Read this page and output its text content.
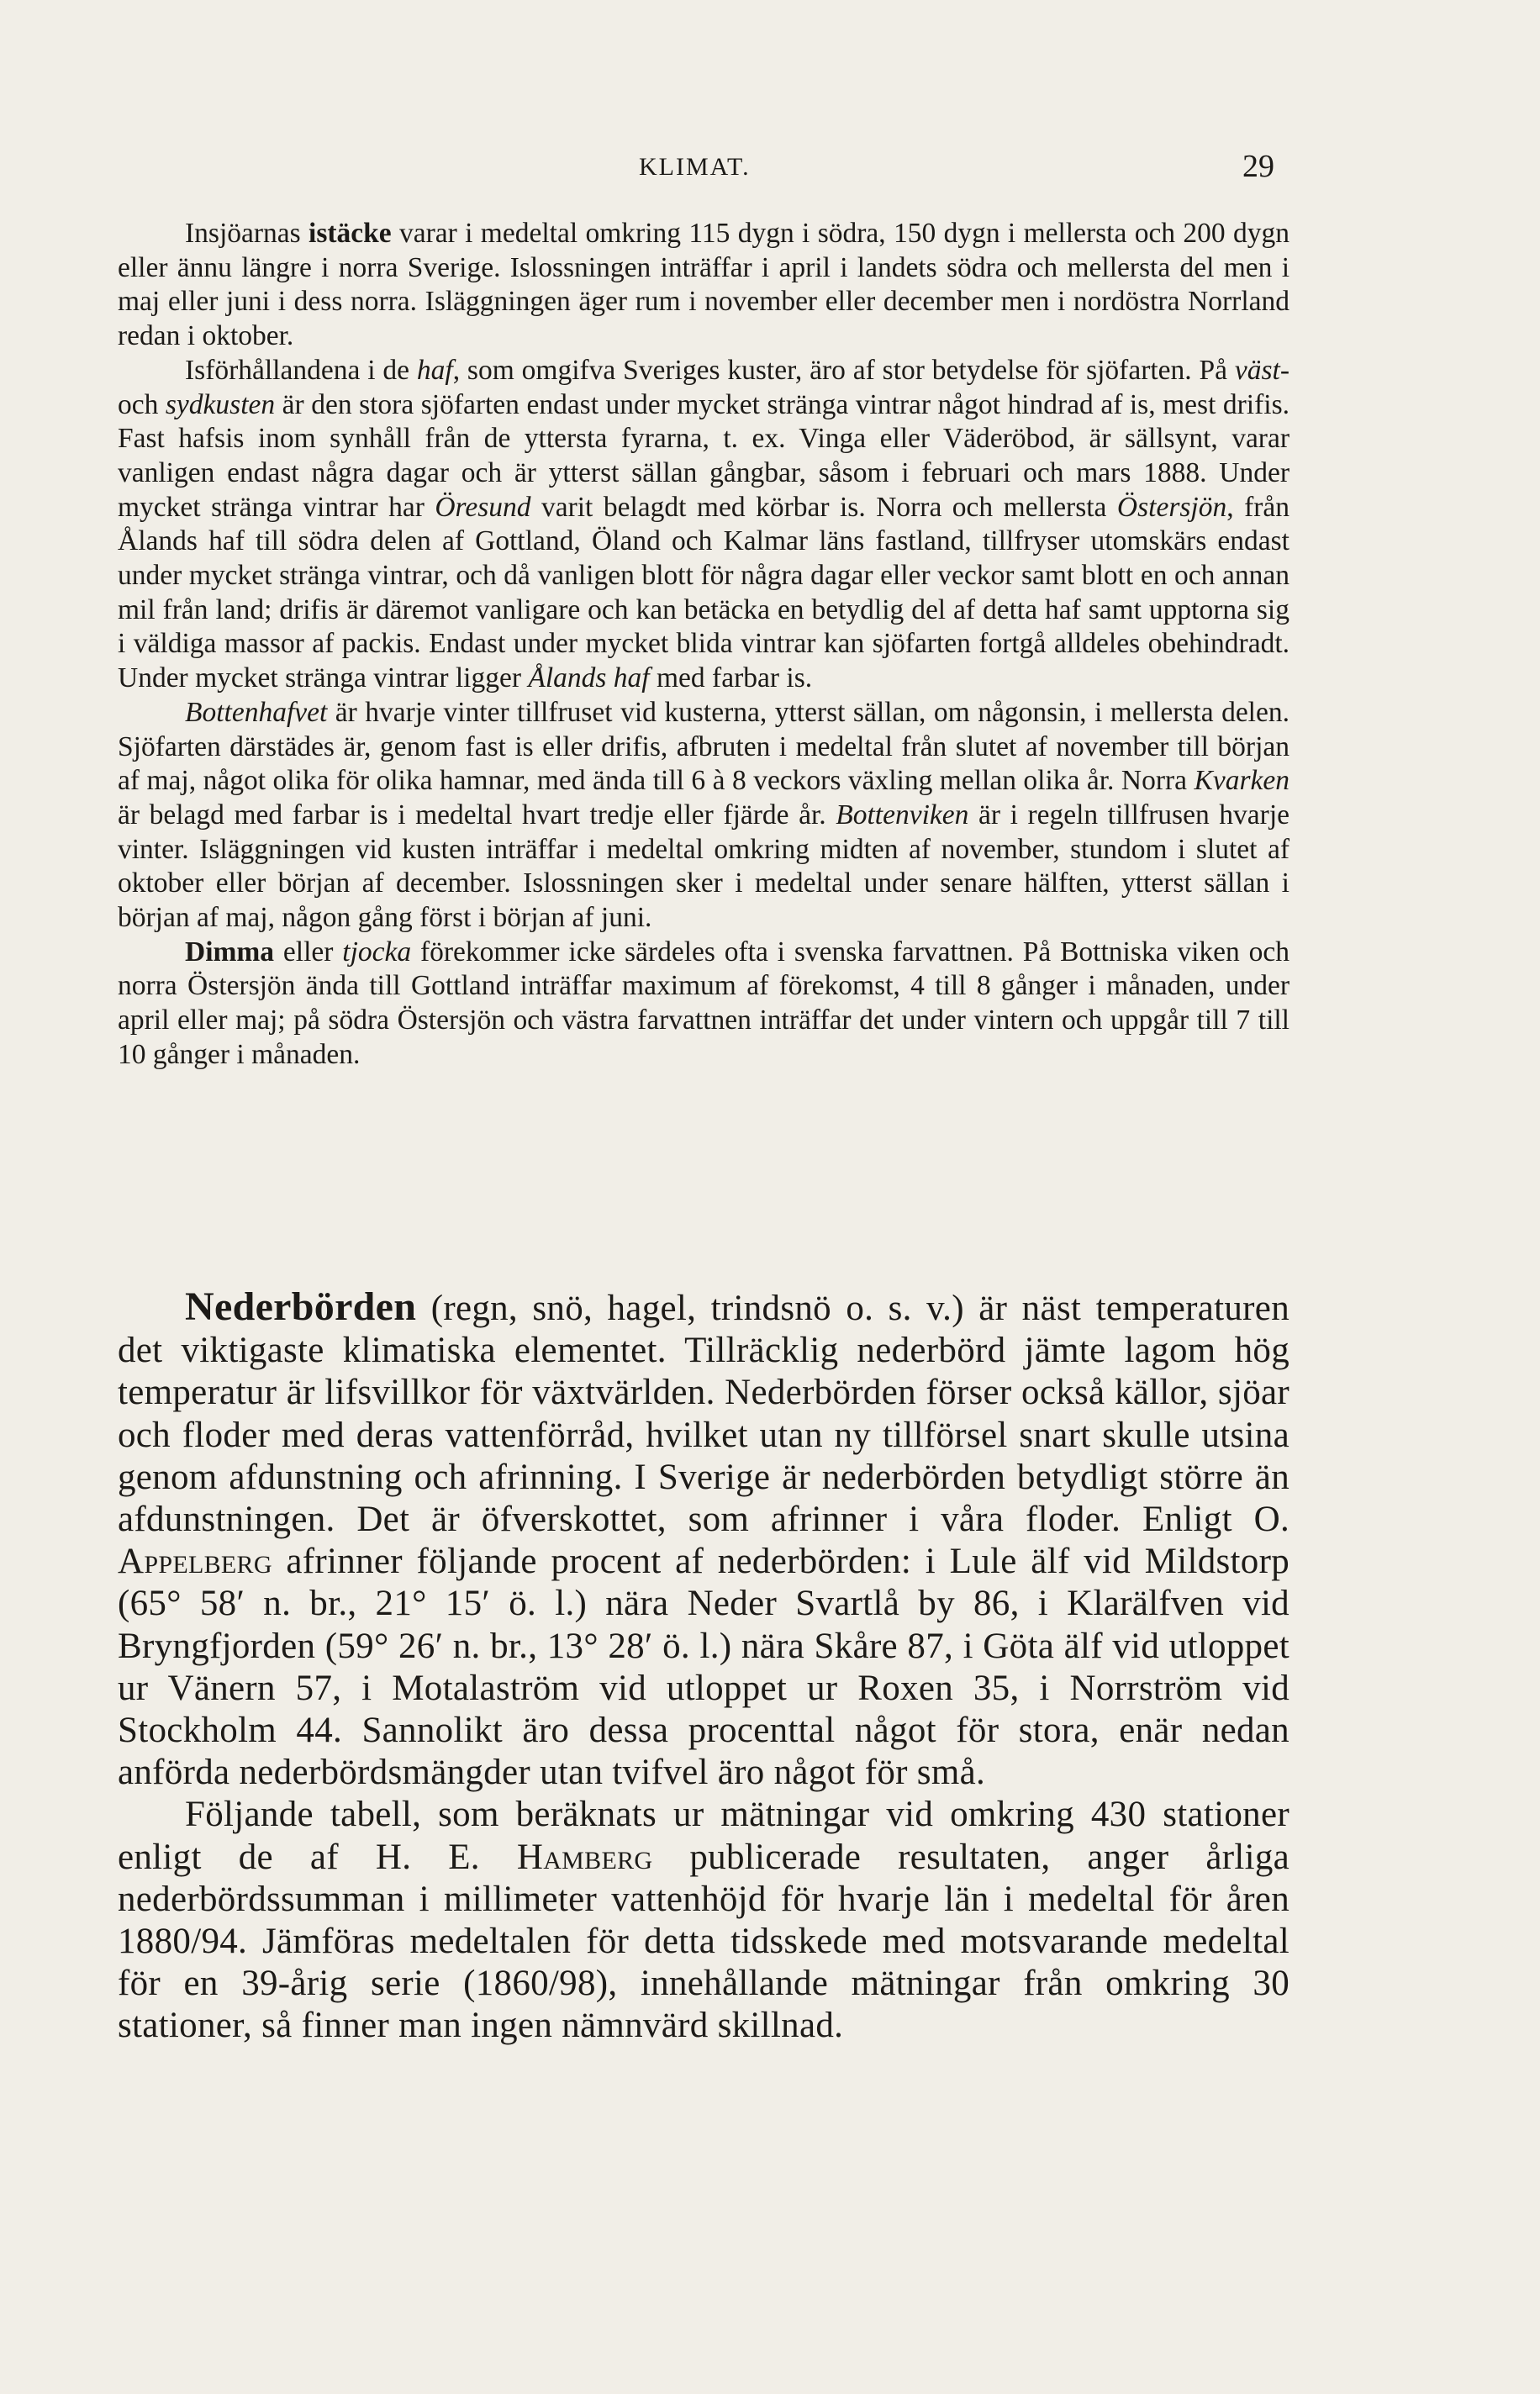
KLIMAT.	29

Insjöarnas istäcke varar i medeltal omkring 115 dygn i södra, 150 dygn i mellersta och 200 dygn eller ännu längre i norra Sverige. Islossningen inträffar i april i landets södra och mellersta del men i maj eller juni i dess norra. Isläggningen äger rum i november eller december men i nordöstra Norrland redan i oktober.

Isförhållandena i de haf, som omgifva Sveriges kuster, äro af stor betydelse för sjöfarten. På väst- och sydkusten är den stora sjöfarten endast under mycket stränga vintrar något hindrad af is, mest drifis. Fast hafsis inom synhåll från de yttersta fyrarna, t. ex. Vinga eller Väderöbod, är sällsynt, varar vanligen endast några dagar och är ytterst sällan gångbar, såsom i februari och mars 1888. Under mycket stränga vintrar har Öresund varit belagdt med körbar is. Norra och mellersta Östersjön, från Ålands haf till södra delen af Gottland, Öland och Kalmar läns fastland, tillfryser utomskärs endast under mycket stränga vintrar, och då vanligen blott för några dagar eller veckor samt blott en och annan mil från land; drifis är däremot vanligare och kan betäcka en betydlig del af detta haf samt upptorna sig i väldiga massor af packis. Endast under mycket blida vintrar kan sjöfarten fortgå alldeles obehindradt. Under mycket stränga vintrar ligger Ålands haf med farbar is.

Bottenhafvet är hvarje vinter tillfruset vid kusterna, ytterst sällan, om någonsin, i mellersta delen. Sjöfarten därstädes är, genom fast is eller drifis, afbruten i medeltal från slutet af november till början af maj, något olika för olika hamnar, med ända till 6 à 8 veckors växling mellan olika år. Norra Kvarken är belagd med farbar is i medeltal hvart tredje eller fjärde år. Bottenviken är i regeln tillfrusen hvarje vinter. Isläggningen vid kusten inträffar i medeltal omkring midten af november, stundom i slutet af oktober eller början af december. Islossningen sker i medeltal under senare hälften, ytterst sällan i början af maj, någon gång först i början af juni.

Dimma eller tjocka förekommer icke särdeles ofta i svenska farvattnen. På Bottniska viken och norra Östersjön ända till Gottland inträffar maximum af förekomst, 4 till 8 gånger i månaden, under april eller maj; på södra Östersjön och västra farvattnen inträffar det under vintern och uppgår till 7 till 10 gånger i månaden.

Nederbörden (regn, snö, hagel, trindsnö o. s. v.) är näst temperaturen det viktigaste klimatiska elementet. Tillräcklig nederbörd jämte lagom hög temperatur är lifsvillkor för växtvärlden. Nederbörden förser också källor, sjöar och floder med deras vattenförråd, hvilket utan ny tillförsel snart skulle utsina genom afdunstning och afrinning. I Sverige är nederbörden betydligt större än afdunstningen. Det är öfverskottet, som afrinner i våra floder. Enligt O. Appelberg afrinner följande procent af nederbörden: i Lule älf vid Mildstorp (65° 58′ n. br., 21° 15′ ö. l.) nära Neder Svartlå by 86, i Klarälfven vid Bryngfjorden (59° 26′ n. br., 13° 28′ ö. l.) nära Skåre 87, i Göta älf vid utloppet ur Vänern 57, i Motalaström vid utloppet ur Roxen 35, i Norrström vid Stockholm 44. Sannolikt äro dessa procenttal något för stora, enär nedan anförda nederbördsmängder utan tvifvel äro något för små.

Följande tabell, som beräknats ur mätningar vid omkring 430 stationer enligt de af H. E. Hamberg publicerade resultaten, anger årliga nederbördssumman i millimeter vattenhöjd för hvarje län i medeltal för åren 1880/94. Jämföras medeltalen för detta tidsskede med motsvarande medeltal för en 39-årig serie (1860/98), innehållande mätningar från omkring 30 stationer, så finner man ingen nämnvärd skillnad.
